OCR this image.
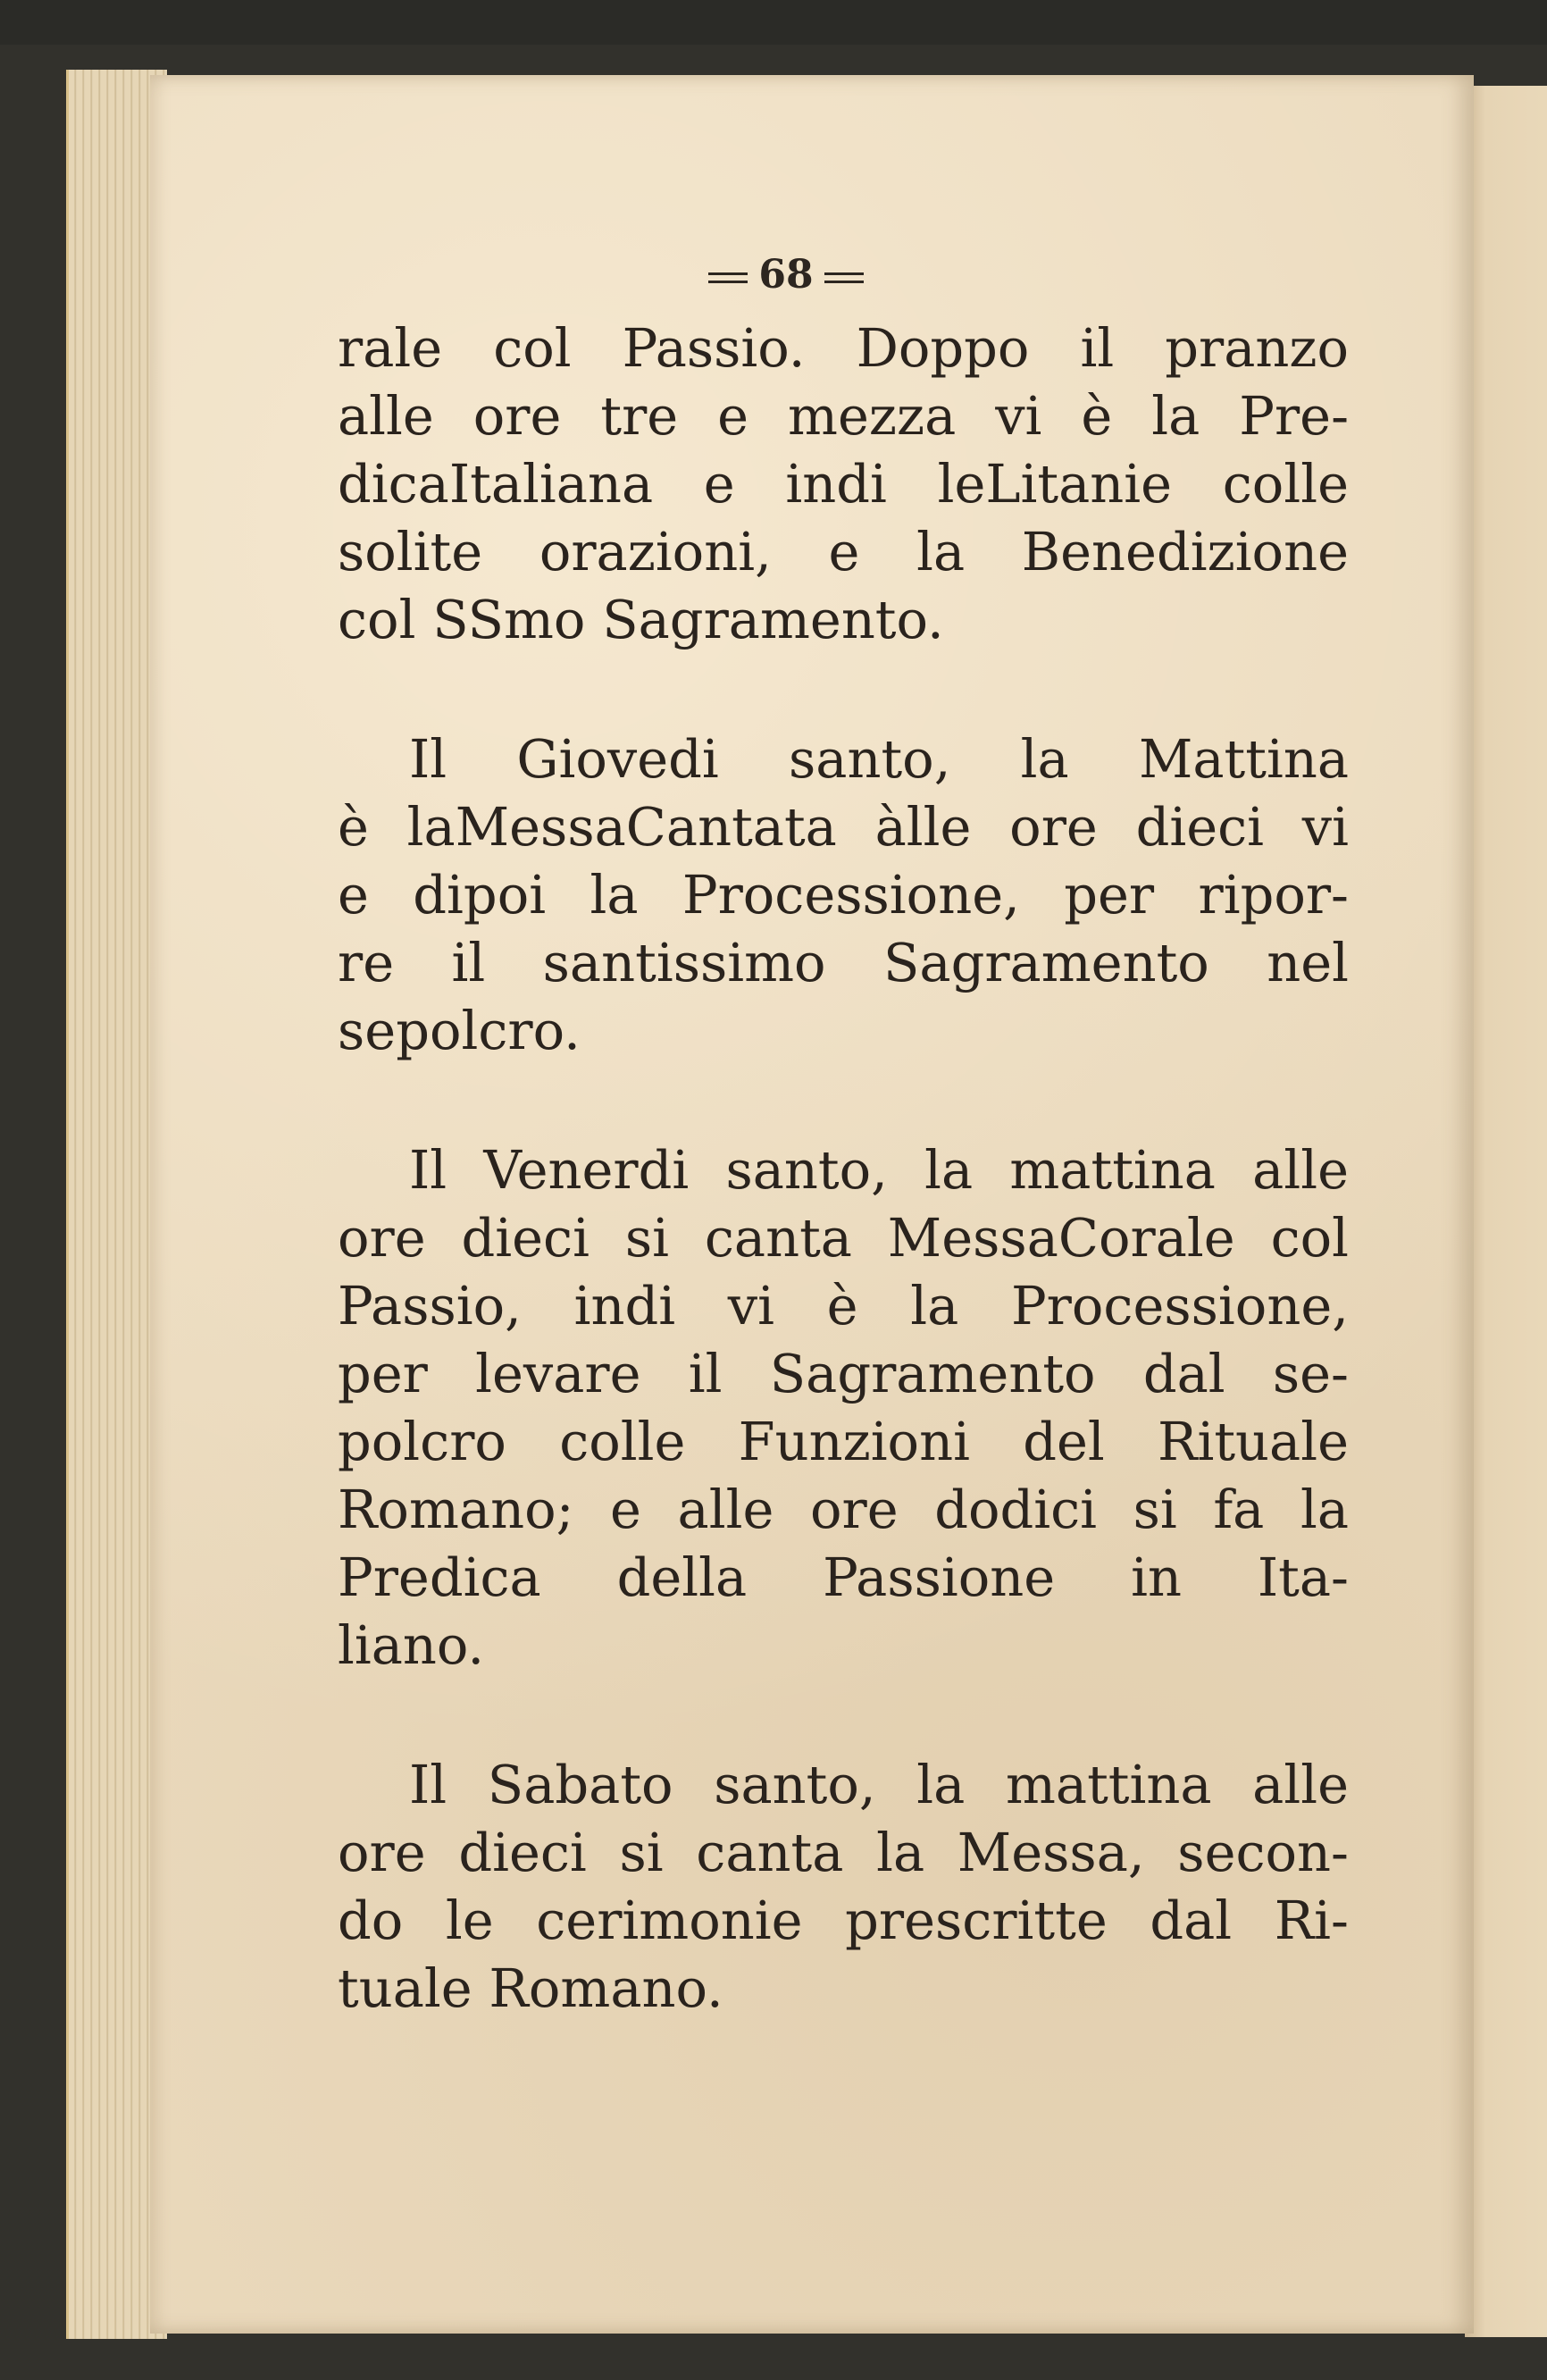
68
rale col Passio. Doppo il pranzo
alle ore tre e mezza vi è la Pre-
dicaItaliana e indi leLitanie colle
solite orazioni, e la Benedizione
col SSmo Sagramento.
Il Giovedi santo, la Mattina
è laMessaCantata àlle ore dieci vi
e dipoi la Processione, per ripor-
re il santissimo Sagramento nel
sepolcro.
Il Venerdi santo, la mattina alle
ore dieci si canta MessaCorale col
Passio, indi vi è la Processione,
per levare il Sagramento dal se-
polcro colle Funzioni del Rituale
Romano; e alle ore dodici si fa la
Predica della Passione in Ita-
liano.
Il Sabato santo, la mattina alle
ore dieci si canta la Messa, secon-
do le cerimonie prescritte dal Ri-
tuale Romano.
